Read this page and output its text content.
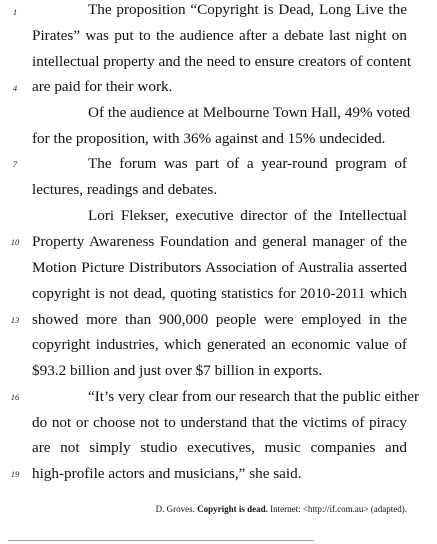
1
4
7
10
13
16
19
The proposition “Copyright is Dead, Long Live the
Pirates” was put to the audience after a debate last night on
intellectual property and the need to ensure creators of content
are paid for their work.
Of the audience at Melbourne Town Hall, 49% voted
for the proposition, with 36% against and 15% undecided.
The forum was part of a year-round program of
lectures, readings and debates.
Lori Flekser, executive director of the Intellectual
Property Awareness Foundation and general manager of the
Motion Picture Distributors Association of Australia asserted
copyright is not dead, quoting statistics for 2010-2011 which
showed more than 900,000 people were employed in the
copyright industries, which generated an economic value of
$93.2 billion and just over $7 billion in exports.
“It’s very clear from our research that the public either
do not or choose not to understand that the victims of piracy
are not simply studio executives, music companies and
high-profile actors and musicians,” she said.
D. Groves. Copyright is dead. Internet: <http://if.com.au> (adapted).
